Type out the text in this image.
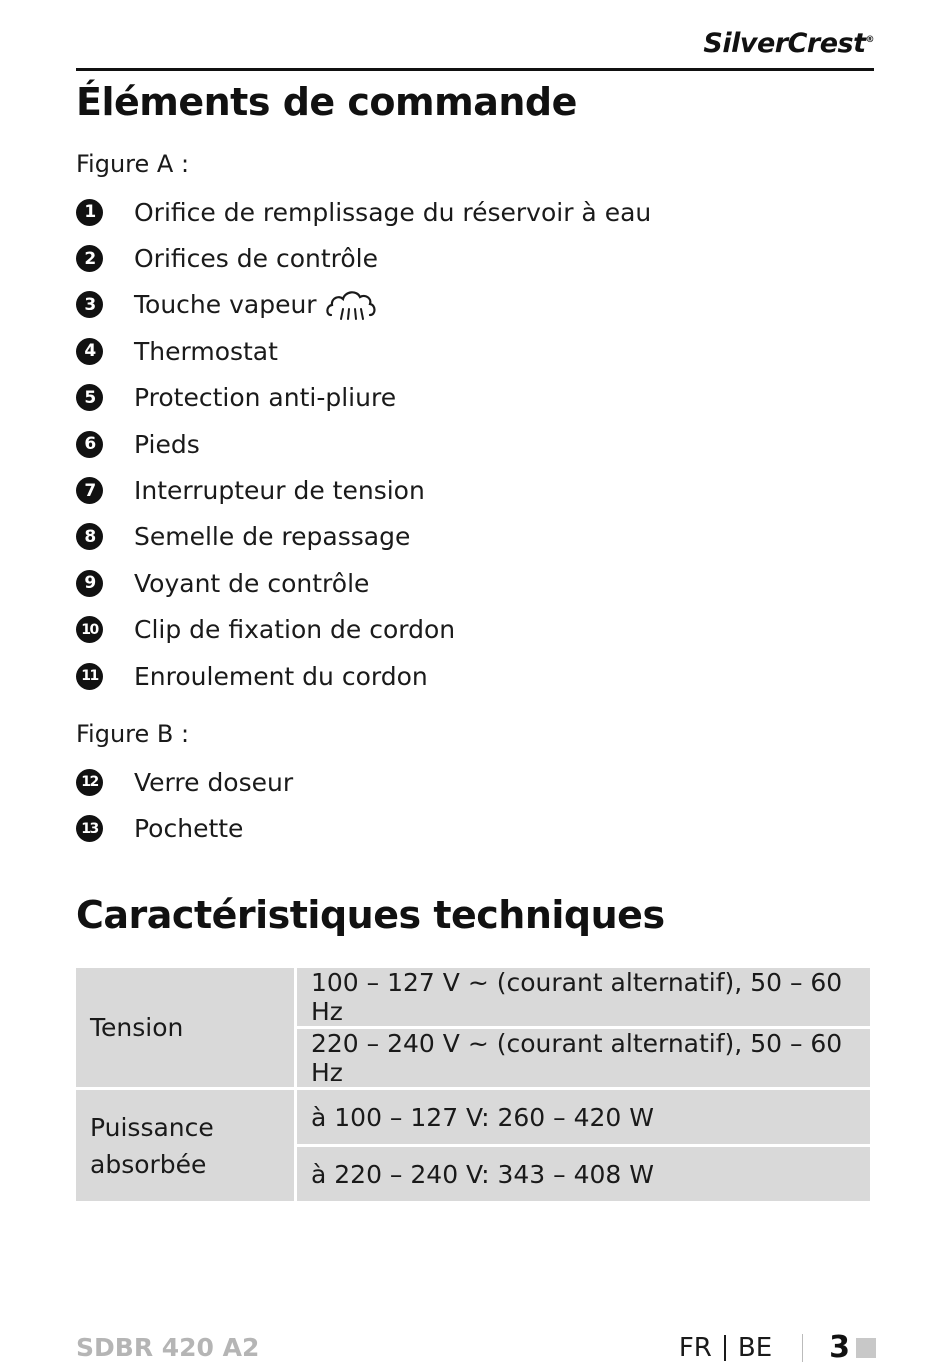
SilverCrest®
Éléments de commande
Figure A :
1	Orifice de remplissage du réservoir à eau
2	Orifices de contrôle
3	Touche vapeur
4	Thermostat
5	Protection anti-pliure
6	Pieds
7	Interrupteur de tension
8	Semelle de repassage
9	Voyant de contrôle
10 Clip de fixation de cordon
11 Enroulement du cordon
Figure B :
12 Verre doseur
13 Pochette
Caractéristiques techniques
Tension	100 – 127 V ~ (courant alternatif), 50 – 60 Hz
	220 – 240 V ~ (courant alternatif), 50 – 60 Hz

Puissance
absorbée	à 100 – 127 V: 260 – 420 W
	à 220 – 240 V: 343 – 408 W
SDBR 420 A2	FR BE 3
